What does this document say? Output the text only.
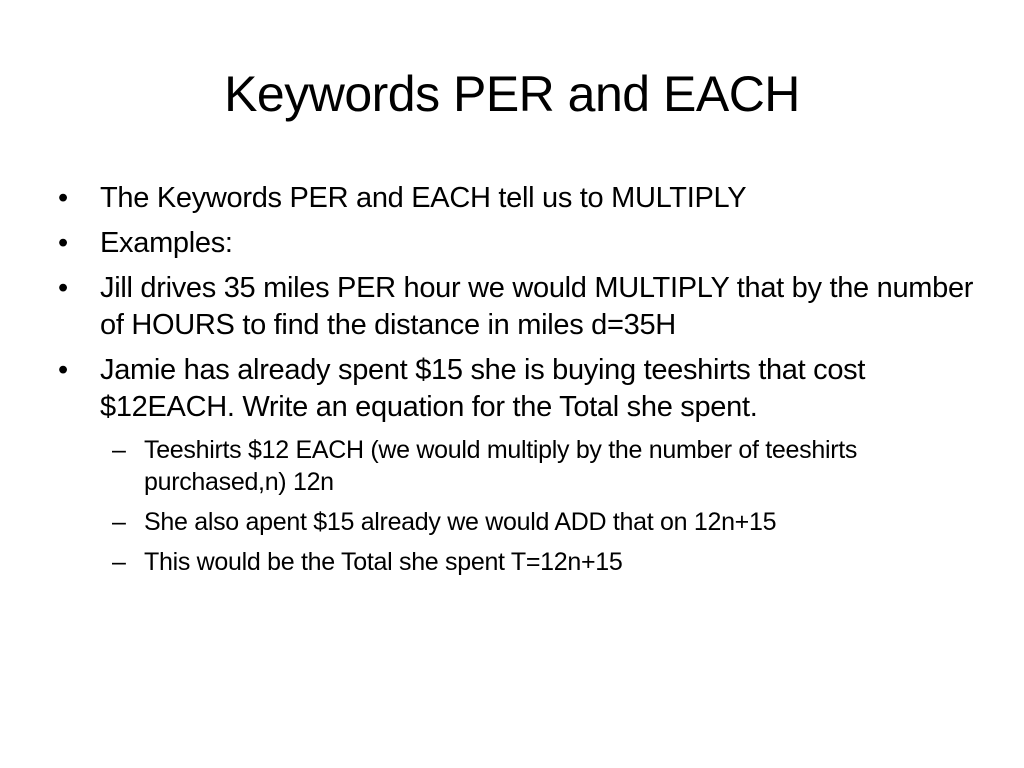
Keywords PER and EACH
•	The Keywords PER and EACH tell us to MULTIPLY
•	Examples:
•	Jill drives 35 miles PER hour we would MULTIPLY that by the number of HOURS to find the distance in miles d=35H
•	Jamie has already spent $15 she is buying teeshirts that cost $12EACH. Write an equation for the Total she spent.
– Teeshirts $12 EACH (we would multiply by the number of teeshirts purchased,n) 12n
– She also apent $15 already we would ADD that on 12n+15
– This would be the Total she spent T=12n+15
